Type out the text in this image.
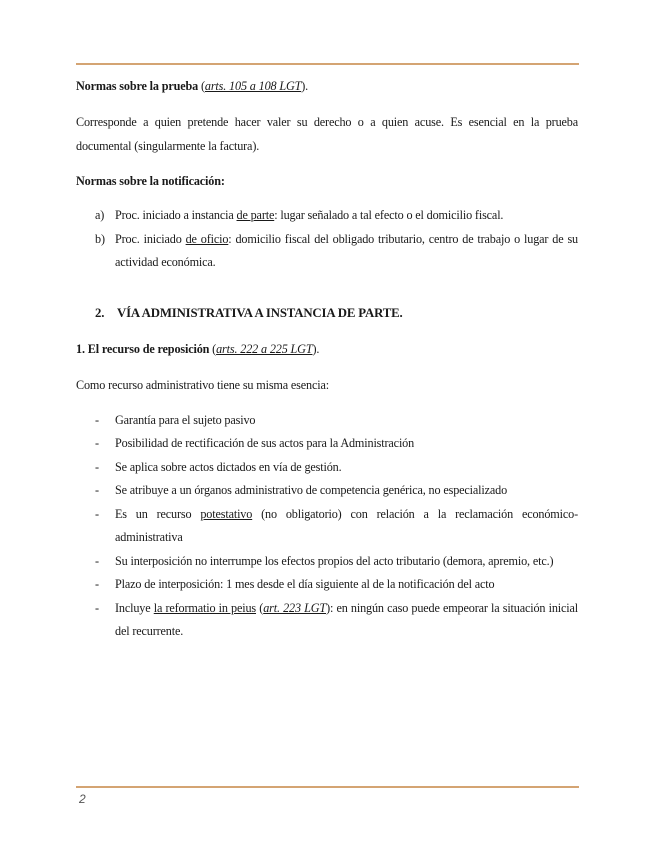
Normas sobre la prueba (arts. 105 a 108 LGT).

Corresponde a quien pretende hacer valer su derecho o a quien acuse. Es esencial en la prueba documental (singularmente la factura).

Normas sobre la notificación:

a) Proc. iniciado a instancia de parte: lugar señalado a tal efecto o el domicilio fiscal.
b) Proc. iniciado de oficio: domicilio fiscal del obligado tributario, centro de trabajo o lugar de su actividad económica.

2. VÍA ADMINISTRATIVA A INSTANCIA DE PARTE.

1. El recurso de reposición (arts. 222 a 225 LGT).

Como recurso administrativo tiene su misma esencia:

- Garantía para el sujeto pasivo
- Posibilidad de rectificación de sus actos para la Administración
- Se aplica sobre actos dictados en vía de gestión.
- Se atribuye a un órganos administrativo de competencia genérica, no especializado
- Es un recurso potestativo (no obligatorio) con relación a la reclamación económico-administrativa
- Su interposición no interrumpe los efectos propios del acto tributario (demora, apremio, etc.)
- Plazo de interposición: 1 mes desde el día siguiente al de la notificación del acto
- Incluye la reformatio in peius (art. 223 LGT): en ningún caso puede empeorar la situación inicial del recurrente.
2
